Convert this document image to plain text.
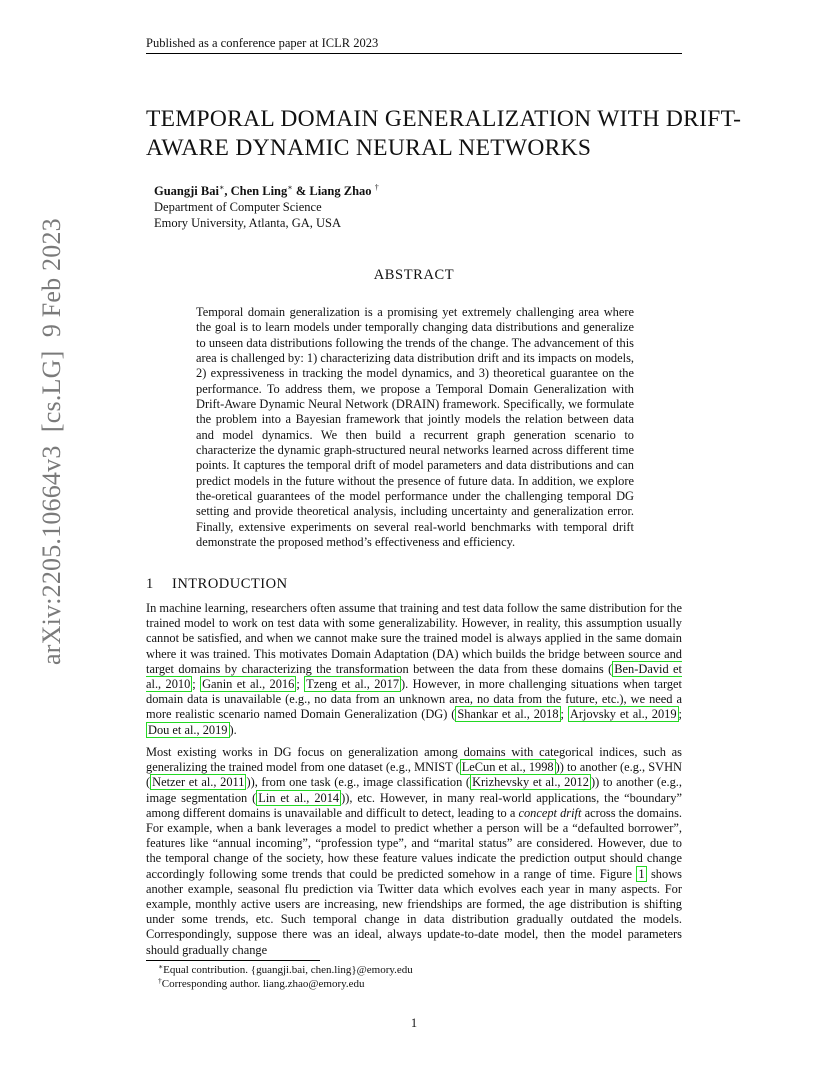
Published as a conference paper at ICLR 2023
arXiv:2205.10664v3  [cs.LG]  9 Feb 2023
TEMPORAL DOMAIN GENERALIZATION WITH DRIFT-
AWARE DYNAMIC NEURAL NETWORKS
Guangji Bai∗, Chen Ling∗ & Liang Zhao †
Department of Computer Science
Emory University, Atlanta, GA, USA
ABSTRACT
Temporal domain generalization is a promising yet extremely challenging area where the goal is to learn models under temporally changing data distributions and generalize to unseen data distributions following the trends of the change. The advancement of this area is challenged by: 1) characterizing data distribution drift and its impacts on models, 2) expressiveness in tracking the model dynamics, and 3) theoretical guarantee on the performance. To address them, we propose a Temporal Domain Generalization with Drift-Aware Dynamic Neural Network (DRAIN) framework. Specifically, we formulate the problem into a Bayesian framework that jointly models the relation between data and model dynamics. We then build a recurrent graph generation scenario to characterize the dynamic graph-structured neural networks learned across different time points. It captures the temporal drift of model parameters and data distributions and can predict models in the future without the presence of future data. In addition, we explore the-oretical guarantees of the model performance under the challenging temporal DG setting and provide theoretical analysis, including uncertainty and generalization error. Finally, extensive experiments on several real-world benchmarks with temporal drift demonstrate the proposed method’s effectiveness and efficiency.
1 INTRODUCTION
In machine learning, researchers often assume that training and test data follow the same distribution for the trained model to work on test data with some generalizability. However, in reality, this assumption usually cannot be satisfied, and when we cannot make sure the trained model is always applied in the same domain where it was trained. This motivates Domain Adaptation (DA) which builds the bridge between source and target domains by characterizing the transformation between the data from these domains ( Ben-David et al., 2010 ; Ganin et al., 2016 ; Tzeng et al., 2017 ). However, in more challenging situations when target domain data is unavailable (e.g., no data from an unknown area, no data from the future, etc.), we need a more realistic scenario named Domain Generalization (DG) ( Shankar et al., 2018 ; Arjovsky et al., 2019 ; Dou et al., 2019 ).
Most existing works in DG focus on generalization among domains with categorical indices, such as generalizing the trained model from one dataset (e.g., MNIST ( LeCun et al., 1998 )) to another (e.g., SVHN ( Netzer et al., 2011 )), from one task (e.g., image classification ( Krizhevsky et al., 2012 )) to another (e.g., image segmentation ( Lin et al., 2014 )), etc. However, in many real-world applications, the “boundary” among different domains is unavailable and difficult to detect, leading to a concept drift across the domains. For example, when a bank leverages a model to predict whether a person will be a “defaulted borrower”, features like “annual incoming”, “profession type”, and “marital status” are considered. However, due to the temporal change of the society, how these feature values indicate the prediction output should change accordingly following some trends that could be predicted somehow in a range of time. Figure 1 shows another example, seasonal flu prediction via Twitter data which evolves each year in many aspects. For example, monthly active users are increasing, new friendships are formed, the age distribution is shifting under some trends, etc. Such temporal change in data distribution gradually outdated the models. Correspondingly, suppose there was an ideal, always update-to-date model, then the model parameters should gradually change
∗Equal contribution. {guangji.bai, chen.ling}@emory.edu
†Corresponding author. liang.zhao@emory.edu
1
